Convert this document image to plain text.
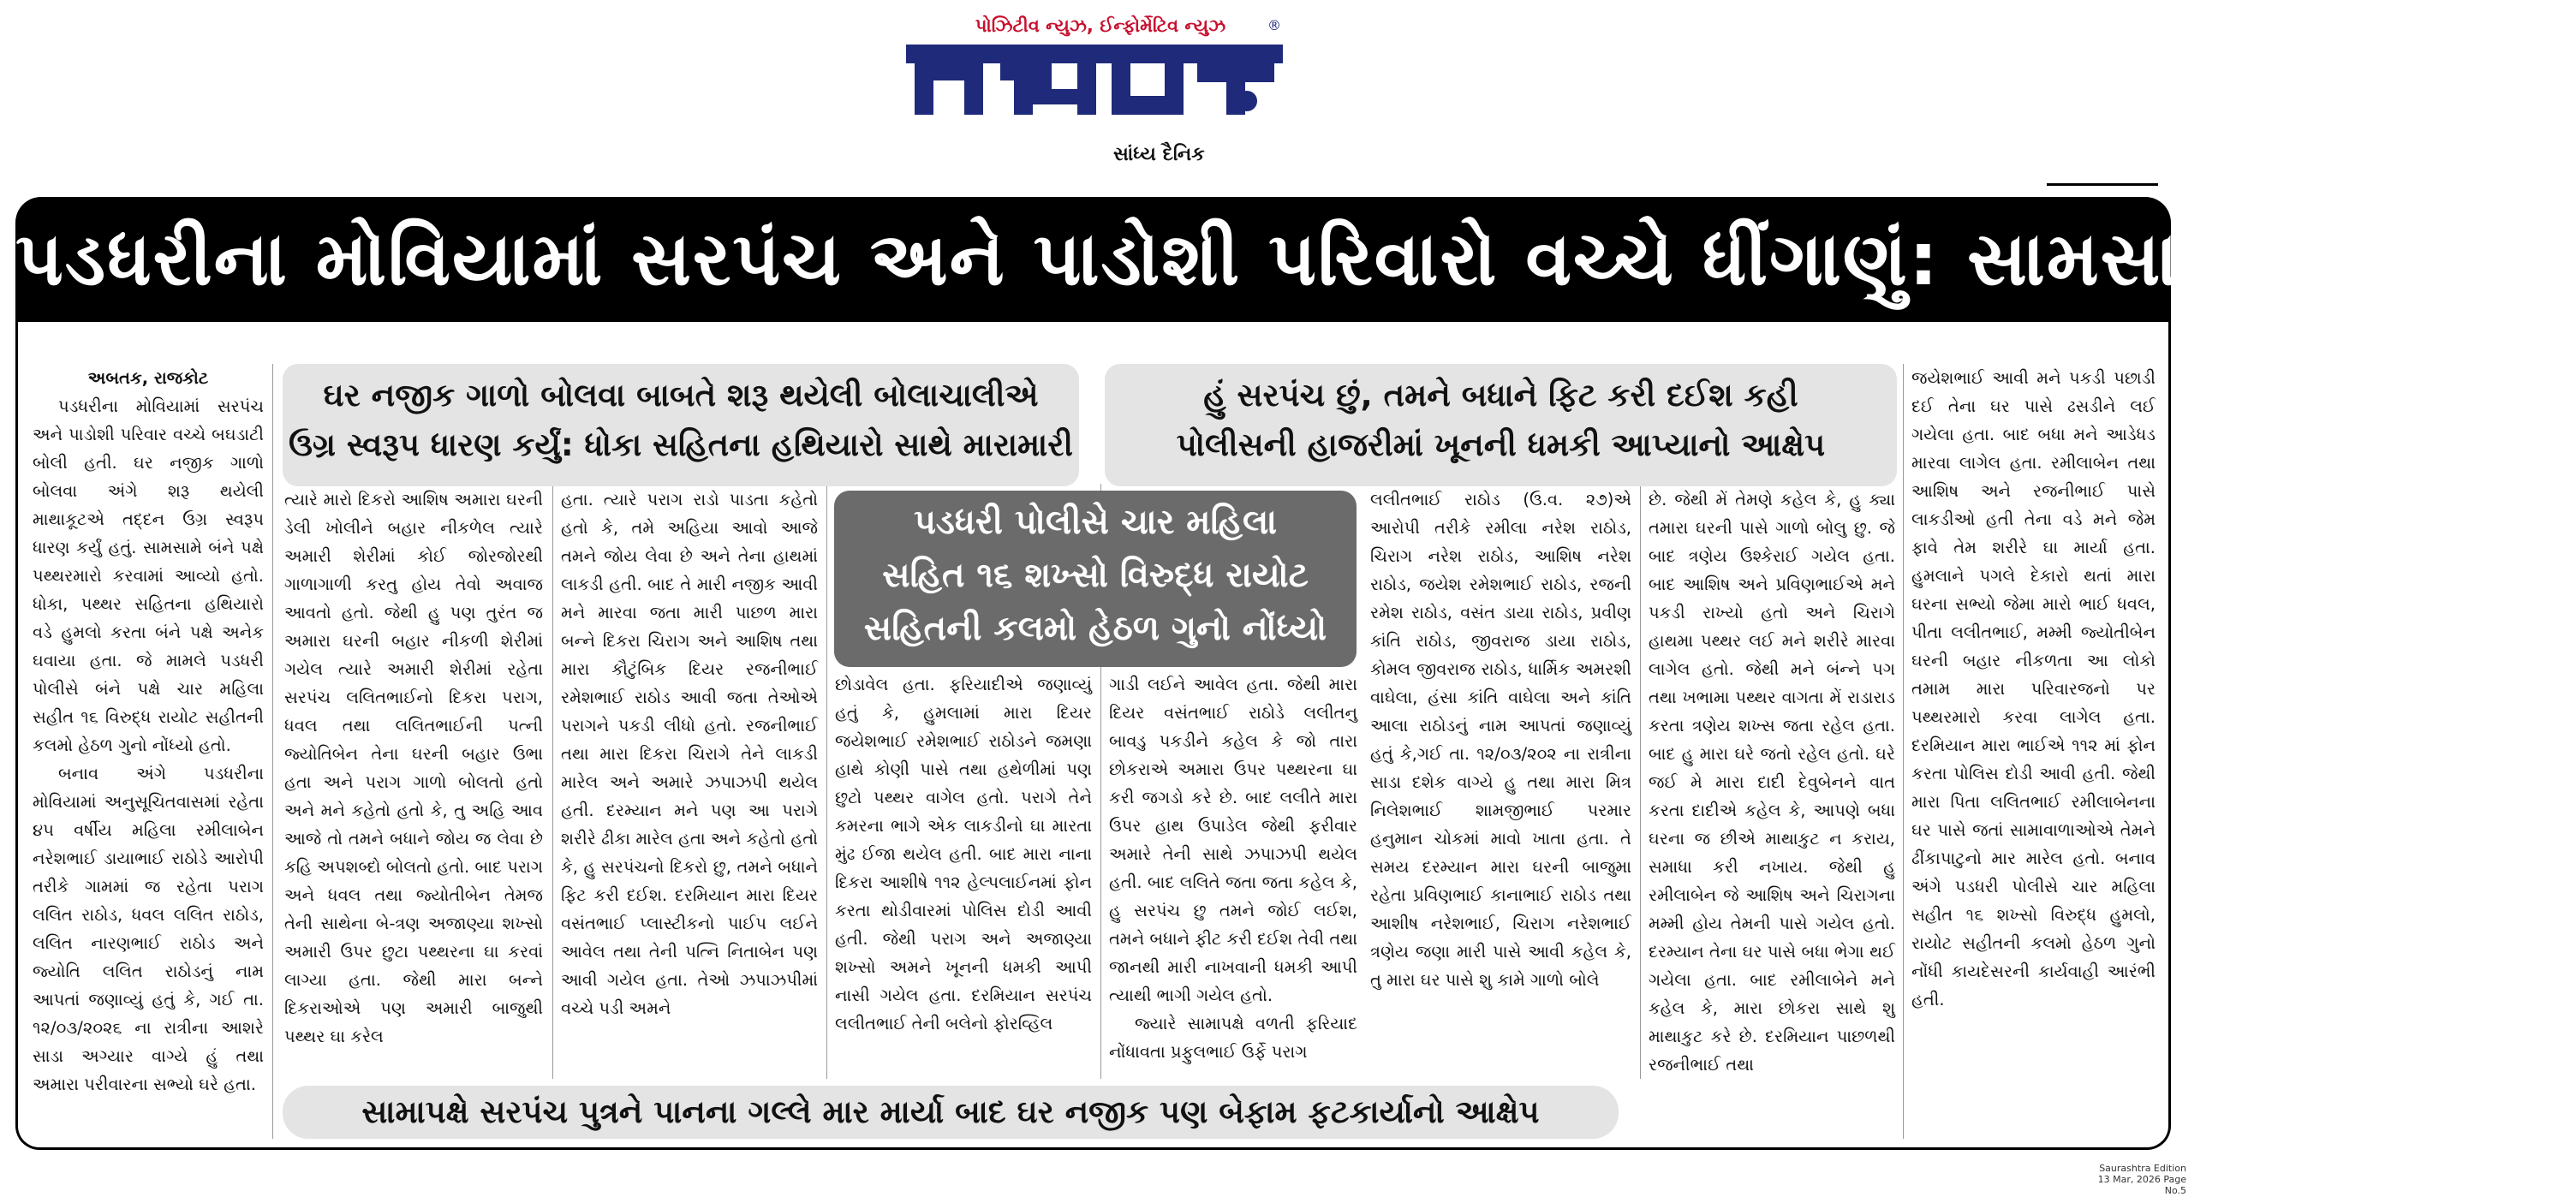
પોઝિટીવ ન્યુઝ, ઈન્ફોર્મેટિવ ન્યુઝ	®
સાંધ્ય દૈનિક
પડધરીના મોવિયામાં સરપંચ અને પાડોશી પરિવારો વચ્ચે ધીંગાણું: સામસામે પથ્થરમારો

અબતક, રાજકોટ

પડધરીના મોવિયામાં સરપંચ અને પાડોશી પરિવાર વચ્ચે બઘડાટી બોલી હતી. ઘર નજીક ગાળો બોલવા અંગે શરૂ થયેલી માથાકૂટએ તદ્દન ઉગ્ર સ્વરૂપ ધારણ કર્યું હતું. સામસામે બંને પક્ષે પથ્થરમારો કરવામાં આવ્યો હતો. ધોકા, પથ્થર સહિતના હથિયારો વડે હુમલો કરતા બંને પક્ષે અનેક ઘવાયા હતા. જે મામલે પડધરી પોલીસે બંને પક્ષે ચાર મહિલા સહીત ૧૬ વિરુદ્ધ રાયોટ સહીતની કલમો હેઠળ ગુનો નોંધ્યો હતો.

બનાવ અંગે પડધરીના મોવિયામાં અનુસૂચિતવાસમાં રહેતા ૪૫ વર્ષીય મહિલા રમીલાબેન નરેશભાઈ ડાયાભાઈ રાઠોડે આરોપી તરીકે ગામમાં જ રહેતા પરાગ લલિત રાઠોડ, ધવલ લલિત રાઠોડ, લલિત નારણભાઈ રાઠોડ અને જ્યોતિ લલિત રાઠોડનું નામ આપતાં જણાવ્યું હતું કે, ગઈ તા. ૧૨/૦૩/૨૦૨૬ ના રાત્રીના આશરે સાડા અગ્યાર વાગ્યે હું તથા અમારા પરીવારના સભ્યો ઘરે હતા.

ઘર નજીક ગાળો બોલવા બાબતે શરૂ થયેલી બોલાચાલીએ
ઉગ્ર સ્વરૂપ ધારણ કર્યું: ધોકા સહિતના હથિયારો સાથે મારામારી
હું સરપંચ છું, તમને બધાને ફિટ કરી દઈશ કહી
પોલીસની હાજરીમાં ખૂનની ધમકી આપ્યાનો આક્ષેપ
પડધરી પોલીસે ચાર મહિલા
સહિત ૧૬ શખ્સો વિરુદ્ધ રાયોટ
સહિતની કલમો હેઠળ ગુનો નોંધ્યો

ત્યારે મારો દિકરો આશિષ અમારા ઘરની ડેલી ખોલીને બહાર નીકળેલ ત્યારે અમારી શેરીમાં કોઈ જોરજોરથી ગાળાગાળી કરતુ હોય તેવો અવાજ આવતો હતો. જેથી હુ પણ તુરંત જ અમારા ઘરની બહાર નીકળી શેરીમાં ગયેલ ત્યારે અમારી શેરીમાં રહેતા સરપંચ લલિતભાઈનો દિકરા પરાગ, ધવલ તથા લલિતભાઈની પત્ની જ્યોતિબેન તેના ઘરની બહાર ઉભા હતા અને પરાગ ગાળો બોલતો હતો અને મને કહેતો હતો કે, તુ અહિ આવ આજે તો તમને બધાને જોય જ લેવા છે કહિ અપશબ્દો બોલતો હતો. બાદ પરાગ અને ધવલ તથા જ્યોતીબેન તેમજ તેની સાથેના બે-ત્રણ અજાણ્યા શખ્સો અમારી ઉપર છુટા પથ્થરના ઘા કરવાં લાગ્યા હતા. જેથી મારા બન્ને દિકરાઓએ પણ અમારી બાજુથી પથ્થર ઘા કરેલ

હતા. ત્યારે પરાગ રાડો પાડતા કહેતો હતો કે, તમે અહિયા આવો આજે તમને જોય લેવા છે અને તેના હાથમાં લાકડી હતી. બાદ તે મારી નજીક આવી મને મારવા જતા મારી પાછળ મારા બન્ને દિકરા ચિરાગ અને આશિષ તથા મારા કૌટુંબિક દિયર રજનીભાઈ રમેશભાઈ રાઠોડ આવી જતા તેઓએ પરાગને પકડી લીધો હતો. રજનીભાઈ તથા મારા દિકરા ચિરાગે તેને લાકડી મારેલ અને અમારે ઝપાઝપી થયેલ હતી. દરમ્યાન મને પણ આ પરાગે શરીરે ઢીકા મારેલ હતા અને કહેતો હતો કે, હુ સરપંચનો દિકરો છુ, તમને બધાને ફિટ કરી દઈશ. દરમિયાન મારા દિયર વસંતભાઈ પ્લાસ્ટીકનો પાઈપ લઈને આવેલ તથા તેની પત્નિ નિતાબેન પણ આવી ગયેલ હતા. તેઓ ઝપાઝપીમાં વચ્ચે પડી અમને

છોડાવેલ હતા. ફરિયાદીએ જણાવ્યું હતું કે, હુમલામાં મારા દિયર જયેશભાઈ રમેશભાઈ રાઠોડને જમણા હાથે કોણી પાસે તથા હથેળીમાં પણ છુટો પથ્થર વાગેલ હતો. પરાગે તેને કમરના ભાગે એક લાકડીનો ઘા મારતા મુંઢ ઈજા થયેલ હતી. બાદ મારા નાના દિકરા આશીષે ૧૧૨ હેલ્પલાઈનમાં ફોન કરતા થોડીવારમાં પોલિસ દોડી આવી હતી. જેથી પરાગ અને અજાણ્યા શખ્સો અમને ખૂનની ધમકી આપી નાસી ગયેલ હતા. દરમિયાન સરપંચ લલીતભાઈ તેની બલેનો ફોરવ્હિલ

ગાડી લઈને આવેલ હતા. જેથી મારા દિયર વસંતભાઈ રાઠોડે લલીતનુ બાવડુ પકડીને કહેલ કે જો તારા છોકરાએ અમારા ઉપર પથ્થરના ઘા કરી જગડો કરે છે. બાદ લલીતે મારા ઉપર હાથ ઉપાડેલ જેથી ફરીવાર અમારે તેની સાથે ઝપાઝપી થયેલ હતી. બાદ લલિતે જતા જતા કહેલ કે, હુ સરપંચ છુ તમને જોઈ લઈશ, તમને બધાને ફીટ કરી દઈશ તેવી તથા જાનથી મારી નાખવાની ધમકી આપી ત્યાથી ભાગી ગયેલ હતો.

જ્યારે સામાપક્ષે વળતી ફરિયાદ નોંધાવતા પ્રફુલભાઈ ઉર્ફે પરાગ

લલીતભાઈ રાઠોડ (ઉ.વ. ૨૭)એ આરોપી તરીકે રમીલા નરેશ રાઠોડ, ચિરાગ નરેશ રાઠોડ, આશિષ નરેશ રાઠોડ, જયેશ રમેશભાઈ રાઠોડ, રજની રમેશ રાઠોડ, વસંત ડાયા રાઠોડ, પ્રવીણ કાંતિ રાઠોડ, જીવરાજ ડાયા રાઠોડ, કોમલ જીવરાજ રાઠોડ, ધાર્મિક અમરશી વાઘેલા, હંસા કાંતિ વાઘેલા અને કાંતિ આલા રાઠોડનું નામ આપતાં જણાવ્યું હતું કે,ગઈ તા. ૧૨/૦૩/૨૦૨ ના રાત્રીના સાડા દશેક વાગ્યે હુ તથા મારા મિત્ર નિલેશભાઈ શામજીભાઈ પરમાર હનુમાન ચોકમાં માવો ખાતા હતા. તે સમય દરમ્યાન મારા ઘરની બાજુમા રહેતા પ્રવિણભાઈ કાનાભાઈ રાઠોડ તથા આશીષ નરેશભાઈ, ચિરાગ નરેશભાઈ ત્રણેય જણા મારી પાસે આવી કહેલ કે, તુ મારા ઘર પાસે શુ કામે ગાળો બોલે

છે. જેથી મેં તેમણે કહેલ કે, હુ ક્યા તમારા ઘરની પાસે ગાળો બોલુ છુ. જે બાદ ત્રણેય ઉશ્કેરાઈ ગયેલ હતા. બાદ આશિષ અને પ્રવિણભાઈએ મને પકડી રાખ્યો હતો અને ચિરાગે હાથમા પથ્થર લઈ મને શરીરે મારવા લાગેલ હતો. જેથી મને બંન્ને પગ તથા ખભામા પથ્થર વાગતા મેં રાડારાડ કરતા ત્રણેય શખ્સ જતા રહેલ હતા. બાદ હુ મારા ઘરે જતો રહેલ હતો. ઘરે જઈ મે મારા દાદી દેવુબેનને વાત કરતા દાદીએ કહેલ કે, આપણે બધા ઘરના જ છીએ માથાકુટ ન કરાય, સમાધા કરી નખાય. જેથી હુ રમીલાબેન જે આશિષ અને ચિરાગના મમ્મી હોય તેમની પાસે ગયેલ હતો. દરમ્યાન તેના ઘર પાસે બધા ભેગા થઈ ગયેલા હતા. બાદ રમીલાબેને મને કહેલ કે, મારા છોકરા સાથે શુ માથાકુટ કરે છે. દરમિયાન પાછળથી રજનીભાઈ તથા

જયેશભાઈ આવી મને પકડી પછાડી દઈ તેના ઘર પાસે ઢસડીને લઈ ગયેલા હતા. બાદ બધા મને આડેધડ મારવા લાગેલ હતા. રમીલાબેન તથા આશિષ અને રજનીભાઈ પાસે લાકડીઓ હતી તેના વડે મને જેમ ફાવે તેમ શરીરે ઘા માર્યા હતા. હુમલાને પગલે દેકારો થતાં મારા ઘરના સભ્યો જેમા મારો ભાઈ ધવલ, પીતા લલીતભાઈ, મમ્મી જ્યોતીબેન ઘરની બહાર નીકળતા આ લોકો તમામ મારા પરિવારજનો પર પથ્થરમારો કરવા લાગેલ હતા. દરમિયાન મારા ભાઈએ ૧૧૨ માં ફોન કરતા પોલિસ દોડી આવી હતી. જેથી મારા પિતા લલિતભાઈ રમીલાબેનના ઘર પાસે જતાં સામાવાળાઓએ તેમને ઢીંકાપાટુનો માર મારેલ હતો. બનાવ અંગે પડધરી પોલીસે ચાર મહિલા સહીત ૧૬ શખ્સો વિરુદ્ધ હુમલો, રાયોટ સહીતની કલમો હેઠળ ગુનો નોંધી કાયદેસરની કાર્યવાહી આરંભી હતી.

સામાપક્ષે સરપંચ પુત્રને પાનના ગલ્લે માર માર્યા બાદ ઘર નજીક પણ બેફામ ફટકાર્યાનો આક્ષેપ
Saurashtra Edition
13 Mar, 2026 Page No.5
